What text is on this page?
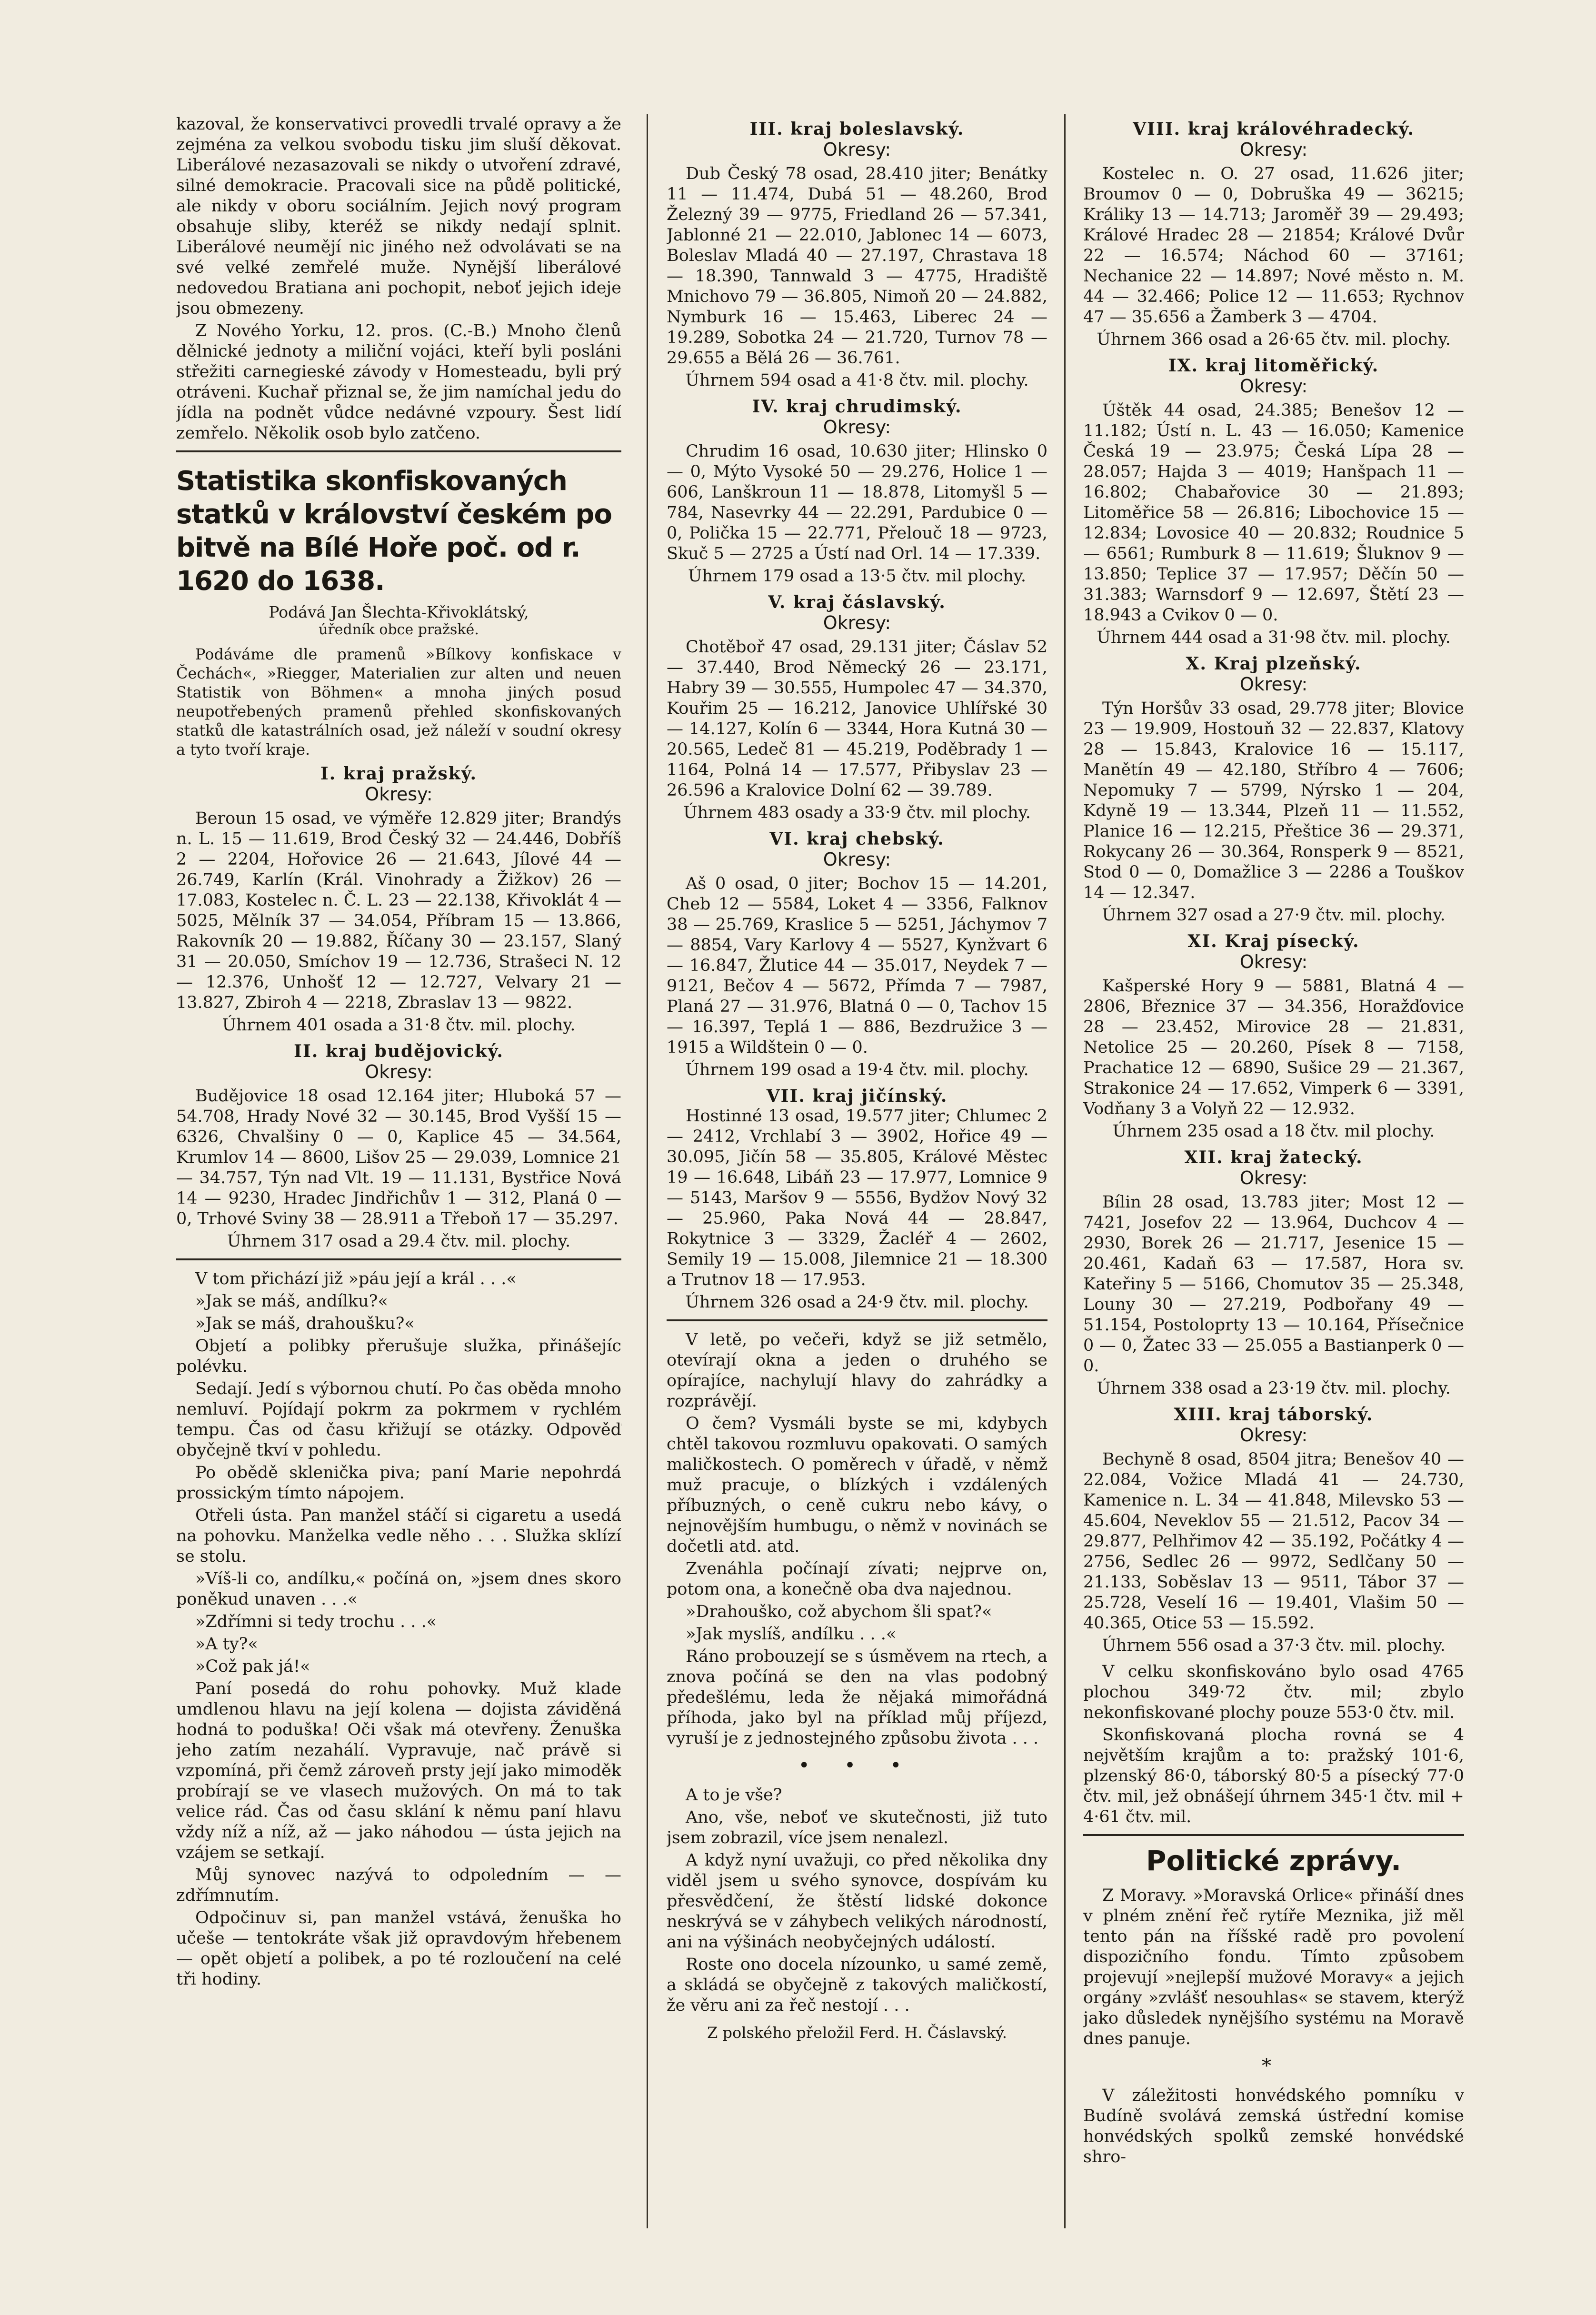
kazoval, že konservativci provedli trvalé opravy a že zejména za velkou svobodu tisku jim sluší děkovat. Liberálové nezasazovali se nikdy o utvoření zdravé, silné demokracie. Pracovali sice na půdě politické, ale nikdy v oboru sociálním. Jejich nový program obsahuje sliby, kteréž se nikdy nedají splnit. Liberálové neumějí nic jiného než odvolávati se na své velké zemřelé muže. Nynější liberálové nedovedou Bratiana ani pochopit, neboť jejich ideje jsou obmezeny.

Z Nového Yorku, 12. pros. (C.-B.) Mnoho členů dělnické jednoty a miliční vojáci, kteří byli posláni střežiti carnegieské závody v Homesteadu, byli prý otráveni. Kuchař přiznal se, že jim namíchal jedu do jídla na podnět vůdce nedávné vzpoury. Šest lidí zemřelo. Několik osob bylo zatčeno.

Statistika skonfiskovaných statků v království českém po bitvě na Bílé Hoře poč. od r. 1620 do 1638.
Podává Jan Šlechta-Křivoklátský,
úředník obce pražské.

Podáváme dle pramenů »Bílkovy konfiskace v Čechách«, »Riegger, Materialien zur alten und neuen Statistik von Böhmen« a mnoha jiných posud neupotřebených pramenů přehled skonfiskovaných statků dle katastrálních osad, jež náleží v soudní okresy a tyto tvoří kraje.

I. kraj pražský.
Okresy:

Beroun 15 osad, ve výměře 12.829 jiter; Brandýs n. L. 15 — 11.619, Brod Český 32 — 24.446, Dobříš 2 — 2204, Hořovice 26 — 21.643, Jílové 44 — 26.749, Karlín (Král. Vinohrady a Žižkov) 26 — 17.083, Kostelec n. Č. L. 23 — 22.138, Křivoklát 4 — 5025, Mělník 37 — 34.054, Příbram 15 — 13.866, Rakovník 20 — 19.882, Říčany 30 — 23.157, Slaný 31 — 20.050, Smíchov 19 — 12.736, Strašeci N. 12 — 12.376, Unhošť 12 — 12.727, Velvary 21 — 13.827, Zbiroh 4 — 2218, Zbraslav 13 — 9822.

Úhrnem 401 osada a 31·8 čtv. mil. plochy.
II. kraj budějovický.
Okresy:

Budějovice 18 osad 12.164 jiter; Hluboká 57 — 54.708, Hrady Nové 32 — 30.145, Brod Vyšší 15 — 6326, Chvalšiny 0 — 0, Kaplice 45 — 34.564, Krumlov 14 — 8600, Lišov 25 — 29.039, Lomnice 21 — 34.757, Týn nad Vlt. 19 — 11.131, Bystřice Nová 14 — 9230, Hradec Jindřichův 1 — 312, Planá 0 — 0, Trhové Sviny 38 — 28.911 a Třeboň 17 — 35.297.

Úhrnem 317 osad a 29.4 čtv. mil. plochy.

V tom přichází již »páu její a král . . .«

»Jak se máš, andílku?«

»Jak se máš, drahoušku?«

Objetí a polibky přerušuje služka, přinášejíc polévku.

Sedají. Jedí s výbornou chutí. Po čas oběda mnoho nemluví. Pojídají pokrm za pokrmem v rychlém tempu. Čas od času křižují se otázky. Odpověď obyčejně tkví v pohledu.

Po obědě sklenička piva; paní Marie nepohrdá prossickým tímto nápojem.

Otřeli ústa. Pan manžel stáčí si cigaretu a usedá na pohovku. Manželka vedle něho . . . Služka sklízí se stolu.

»Víš-li co, andílku,« počíná on, »jsem dnes skoro poněkud unaven . . .«

»Zdřímni si tedy trochu . . .«

»A ty?«

»Což pak já!«

Paní posedá do rohu pohovky. Muž klade umdlenou hlavu na její kolena — dojista záviděná hodná to poduška! Oči však má otevřeny. Ženuška jeho zatím nezahálí. Vypravuje, nač právě si vzpomíná, při čemž zároveň prsty její jako mimoděk probírají se ve vlasech mužových. On má to tak velice rád. Čas od času sklání k němu paní hlavu vždy níž a níž, až — jako náhodou — ústa jejich na vzájem se setkají.

Můj synovec nazývá to odpoledním — — zdřímnutím.

Odpočinuv si, pan manžel vstává, ženuška ho učeše — tentokráte však již opravdovým hřebenem — opět objetí a polibek, a po té rozloučení na celé tři hodiny.

III. kraj boleslavský.
Okresy:

Dub Český 78 osad, 28.410 jiter; Benátky 11 — 11.474, Dubá 51 — 48.260, Brod Železný 39 — 9775, Friedland 26 — 57.341, Jablonné 21 — 22.010, Jablonec 14 — 6073, Boleslav Mladá 40 — 27.197, Chrastava 18 — 18.390, Tannwald 3 — 4775, Hradiště Mnichovo 79 — 36.805, Nimoň 20 — 24.882, Nymburk 16 — 15.463, Liberec 24 — 19.289, Sobotka 24 — 21.720, Turnov 78 — 29.655 a Bělá 26 — 36.761.

Úhrnem 594 osad a 41·8 čtv. mil. plochy.
IV. kraj chrudimský.
Okresy:

Chrudim 16 osad, 10.630 jiter; Hlinsko 0 — 0, Mýto Vysoké 50 — 29.276, Holice 1 — 606, Lanškroun 11 — 18.878, Litomyšl 5 — 784, Nasevrky 44 — 22.291, Pardubice 0 — 0, Polička 15 — 22.771, Přelouč 18 — 9723, Skuč 5 — 2725 a Ústí nad Orl. 14 — 17.339.

Úhrnem 179 osad a 13·5 čtv. mil plochy.
V. kraj čáslavský.
Okresy:

Chotěboř 47 osad, 29.131 jiter; Čáslav 52 — 37.440, Brod Německý 26 — 23.171, Habry 39 — 30.555, Humpolec 47 — 34.370, Kouřim 25 — 16.212, Janovice Uhlířské 30 — 14.127, Kolín 6 — 3344, Hora Kutná 30 — 20.565, Ledeč 81 — 45.219, Poděbrady 1 — 1164, Polná 14 — 17.577, Přibyslav 23 — 26.596 a Kralovice Dolní 62 — 39.789.

Úhrnem 483 osady a 33·9 čtv. mil plochy.
VI. kraj chebský.
Okresy:

Aš 0 osad, 0 jiter; Bochov 15 — 14.201, Cheb 12 — 5584, Loket 4 — 3356, Falknov 38 — 25.769, Kraslice 5 — 5251, Jáchymov 7 — 8854, Vary Karlovy 4 — 5527, Kynžvart 6 — 16.847, Žlutice 44 — 35.017, Neydek 7 — 9121, Bečov 4 — 5672, Přímda 7 — 7987, Planá 27 — 31.976, Blatná 0 — 0, Tachov 15 — 16.397, Teplá 1 — 886, Bezdružice 3 — 1915 a Wildštein 0 — 0.

Úhrnem 199 osad a 19·4 čtv. mil. plochy.
VII. kraj jičínský.

Hostinné 13 osad, 19.577 jiter; Chlumec 2 — 2412, Vrchlabí 3 — 3902, Hořice 49 — 30.095, Jičín 58 — 35.805, Králové Městec 19 — 16.648, Libáň 23 — 17.977, Lomnice 9 — 5143, Maršov 9 — 5556, Bydžov Nový 32 — 25.960, Paka Nová 44 — 28.847, Rokytnice 3 — 3329, Žacléř 4 — 2602, Semily 19 — 15.008, Jilemnice 21 — 18.300 a Trutnov 18 — 17.953.

Úhrnem 326 osad a 24·9 čtv. mil. plochy.

V letě, po večeři, když se již setmělo, otevírají okna a jeden o druhého se opírajíce, nachylují hlavy do zahrádky a rozprávějí.

O čem? Vysmáli byste se mi, kdybych chtěl takovou rozmluvu opakovati. O samých maličkostech. O poměrech v úřadě, v němž muž pracuje, o blízkých i vzdálených příbuzných, o ceně cukru nebo kávy, o nejnovějším humbugu, o němž v novinách se dočetli atd. atd.

Zvenáhla počínají zívati; nejprve on, potom ona, a konečně oba dva najednou.

»Drahouško, což abychom šli spat?«

»Jak myslíš, andílku . . .«

Ráno probouzejí se s úsměvem na rtech, a znova počíná se den na vlas podobný předešlému, leda že nějaká mimořádná příhoda, jako byl na příklad můj příjezd, vyruší je z jednostejného způsobu života . . .

• • •

A to je vše?

Ano, vše, neboť ve skutečnosti, již tuto jsem zobrazil, více jsem nenalezl.

A když nyní uvažuji, co před několika dny viděl jsem u svého synovce, dospívám ku přesvědčení, že štěstí lidské dokonce neskrývá se v záhybech velikých národností, ani na výšinách neobyčejných událostí.

Roste ono docela nízounko, u samé země, a skládá se obyčejně z takových maličkostí, že věru ani za řeč nestojí . . .

Z polského přeložil Ferd. H. Čáslavský.
VIII. kraj královéhradecký.
Okresy:

Kostelec n. O. 27 osad, 11.626 jiter; Broumov 0 — 0, Dobruška 49 — 36215; Králiky 13 — 14.713; Jaroměř 39 — 29.493; Králové Hradec 28 — 21854; Králové Dvůr 22 — 16.574; Náchod 60 — 37161; Nechanice 22 — 14.897; Nové město n. M. 44 — 32.466; Police 12 — 11.653; Rychnov 47 — 35.656 a Žamberk 3 — 4704.

Úhrnem 366 osad a 26·65 čtv. mil. plochy.
IX. kraj litoměřický.
Okresy:

Úštěk 44 osad, 24.385; Benešov 12 — 11.182; Ústí n. L. 43 — 16.050; Kamenice Česká 19 — 23.975; Česká Lípa 28 — 28.057; Hajda 3 — 4019; Hanšpach 11 — 16.802; Chabařovice 30 — 21.893; Litoměřice 58 — 26.816; Libochovice 15 — 12.834; Lovosice 40 — 20.832; Roudnice 5 — 6561; Rumburk 8 — 11.619; Šluknov 9 — 13.850; Teplice 37 — 17.957; Děčín 50 — 31.383; Warnsdorf 9 — 12.697, Štětí 23 — 18.943 a Cvikov 0 — 0.

Úhrnem 444 osad a 31·98 čtv. mil. plochy.
X. Kraj plzeňský.
Okresy:

Týn Horšův 33 osad, 29.778 jiter; Blovice 23 — 19.909, Hostouň 32 — 22.837, Klatovy 28 — 15.843, Kralovice 16 — 15.117, Manětín 49 — 42.180, Stříbro 4 — 7606; Nepomuky 7 — 5799, Nýrsko 1 — 204, Kdyně 19 — 13.344, Plzeň 11 — 11.552, Planice 16 — 12.215, Přeštice 36 — 29.371, Rokycany 26 — 30.364, Ronsperk 9 — 8521, Stod 0 — 0, Domažlice 3 — 2286 a Touškov 14 — 12.347.

Úhrnem 327 osad a 27·9 čtv. mil. plochy.
XI. Kraj písecký.
Okresy:

Kašperské Hory 9 — 5881, Blatná 4 — 2806, Březnice 37 — 34.356, Horažďovice 28 — 23.452, Mirovice 28 — 21.831, Netolice 25 — 20.260, Písek 8 — 7158, Prachatice 12 — 6890, Sušice 29 — 21.367, Strakonice 24 — 17.652, Vimperk 6 — 3391, Vodňany 3 a Volyň 22 — 12.932.

Úhrnem 235 osad a 18 čtv. mil plochy.
XII. kraj žatecký.
Okresy:

Bílin 28 osad, 13.783 jiter; Most 12 — 7421, Josefov 22 — 13.964, Duchcov 4 — 2930, Borek 26 — 21.717, Jesenice 15 — 20.461, Kadaň 63 — 17.587, Hora sv. Kateřiny 5 — 5166, Chomutov 35 — 25.348, Louny 30 — 27.219, Podbořany 49 — 51.154, Postoloprty 13 — 10.164, Přísečnice 0 — 0, Žatec 33 — 25.055 a Bastianperk 0 — 0.

Úhrnem 338 osad a 23·19 čtv. mil. plochy.
XIII. kraj táborský.
Okresy:

Bechyně 8 osad, 8504 jitra; Benešov 40 — 22.084, Vožice Mladá 41 — 24.730, Kamenice n. L. 34 — 41.848, Milevsko 53 — 45.604, Neveklov 55 — 21.512, Pacov 34 — 29.877, Pelhřimov 42 — 35.192, Počátky 4 — 2756, Sedlec 26 — 9972, Sedlčany 50 — 21.133, Soběslav 13 — 9511, Tábor 37 — 25.728, Veselí 16 — 19.401, Vlašim 50 — 40.365, Otice 53 — 15.592.

Úhrnem 556 osad a 37·3 čtv. mil. plochy.

V celku skonfiskováno bylo osad 4765 plochou 349·72 čtv. mil; zbylo nekonfiskované plochy pouze 553·0 čtv. mil.

Skonfiskovaná plocha rovná se 4 největším krajům a to: pražský 101·6, plzenský 86·0, táborský 80·5 a písecký 77·0 čtv. mil, jež obnášejí úhrnem 345·1 čtv. mil + 4·61 čtv. mil.

Politické zprávy.

Z Moravy. »Moravská Orlice« přináší dnes v plném znění řeč rytíře Meznika, již měl tento pán na říšské radě pro povolení dispozičního fondu. Tímto způsobem projevují »nejlepší mužové Moravy« a jejich orgány »zvlášť nesouhlas« se stavem, kterýž jako důsledek nynějšího systému na Moravě dnes panuje.

*

V záležitosti honvédského pomníku v Budíně svolává zemská ústřední komise honvédských spolků zemské honvédské shro-
